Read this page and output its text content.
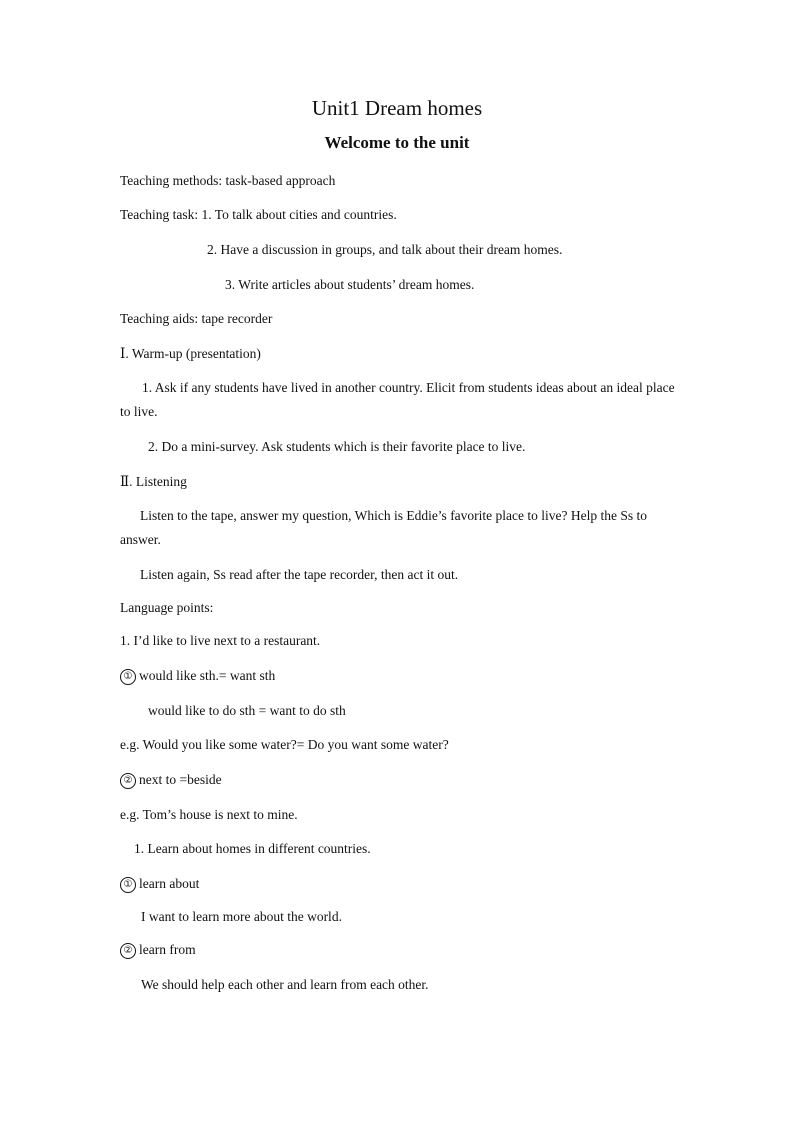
Unit1 Dream homes
Welcome to the unit
Teaching methods: task-based approach
Teaching task: 1. To talk about cities and countries.
2. Have a discussion in groups, and talk about their dream homes.
3. Write articles about students’ dream homes.
Teaching aids: tape recorder
Ⅰ. Warm-up (presentation)
1. Ask if any students have lived in another country. Elicit from students ideas about an ideal place to live.
2. Do a mini-survey. Ask students which is their favorite place to live.
Ⅱ. Listening
Listen to the tape, answer my question, Which is Eddie’s favorite place to live? Help the Ss to answer.
Listen again, Ss read after the tape recorder, then act it out.
Language points:
1. I’d like to live next to a restaurant.
① would like sth.= want sth
would like to do sth = want to do sth
e.g. Would you like some water?= Do you want some water?
② next to =beside
e.g. Tom’s house is next to mine.
1. Learn about homes in different countries.
① learn about
I want to learn more about the world.
② learn from
We should help each other and learn from each other.
